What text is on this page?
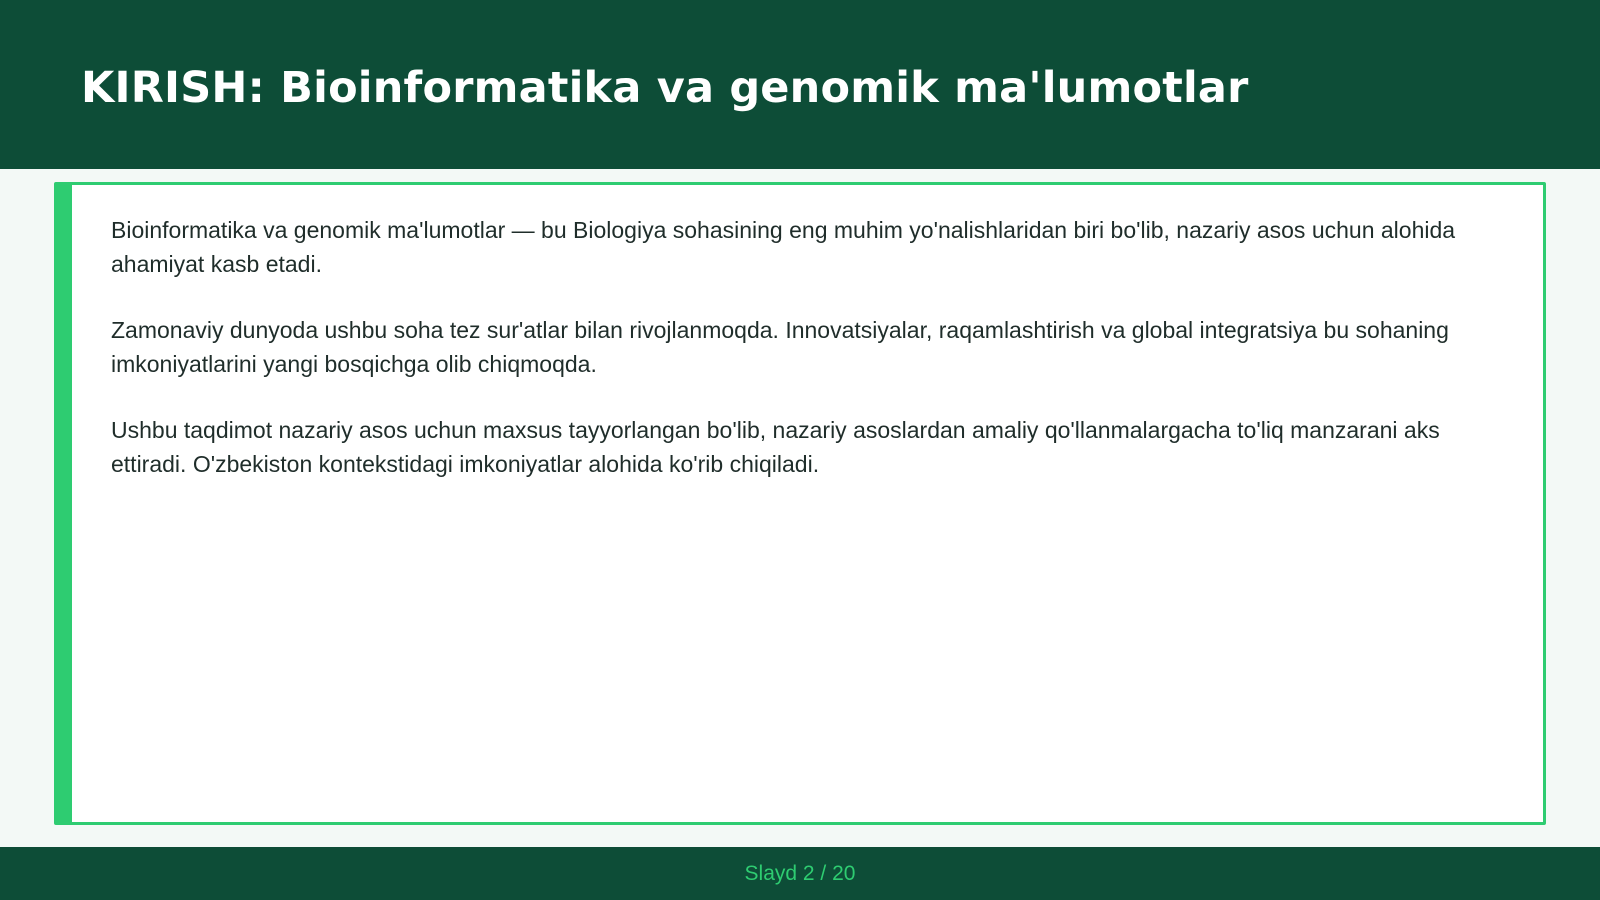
KIRISH: Bioinformatika va genomik ma'lumotlar

Bioinformatika va genomik ma'lumotlar — bu Biologiya sohasining eng muhim yo'nalishlaridan biri bo'lib, nazariy asos uchun alohida ahamiyat kasb etadi.

Zamonaviy dunyoda ushbu soha tez sur'atlar bilan rivojlanmoqda. Innovatsiyalar, raqamlashtirish va global integratsiya bu sohaning imkoniyatlarini yangi bosqichga olib chiqmoqda.

Ushbu taqdimot nazariy asos uchun maxsus tayyorlangan bo'lib, nazariy asoslardan amaliy qo'llanmalargacha to'liq manzarani aks ettiradi. O'zbekiston kontekstidagi imkoniyatlar alohida ko'rib chiqiladi.

Slayd 2 / 20
